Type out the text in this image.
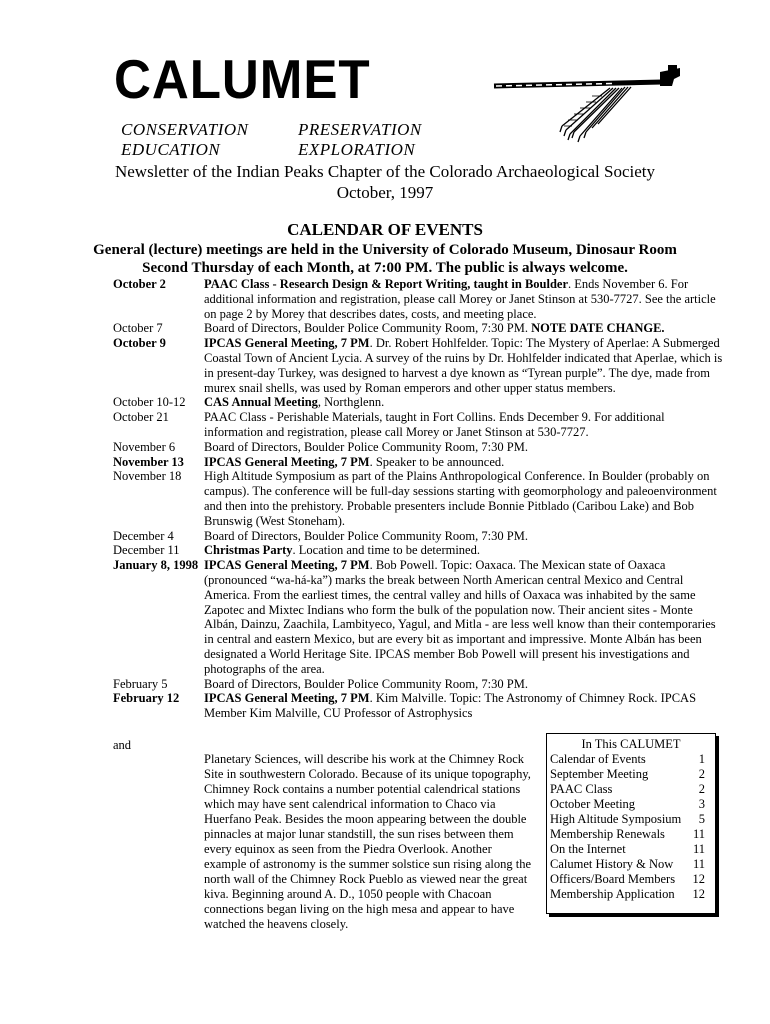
CALUMET
CONSERVATION	PRESERVATION
EDUCATION	EXPLORATION
Newsletter of the Indian Peaks Chapter of the Colorado Archaeological Society
October, 1997
CALENDAR OF EVENTS
General (lecture) meetings are held in the University of Colorado Museum, Dinosaur Room
Second Thursday of each Month, at 7:00 PM. The public is always welcome.
October 2	PAAC Class - Research Design & Report Writing, taught in Boulder. Ends November 6. For additional information and registration, please call Morey or Janet Stinson at 530-7727. See the article on page 2 by Morey that describes dates, costs, and meeting place.
October 7	Board of Directors, Boulder Police Community Room, 7:30 PM. NOTE DATE CHANGE.
October 9	IPCAS General Meeting, 7 PM. Dr. Robert Hohlfelder. Topic: The Mystery of Aperlae: A Submerged Coastal Town of Ancient Lycia. A survey of the ruins by Dr. Hohlfelder indicated that Aperlae, which is in present-day Turkey, was designed to harvest a dye known as “Tyrean purple”. The dye, made from murex snail shells, was used by Roman emperors and other upper status members.
October 10-12	CAS Annual Meeting, Northglenn.
October 21	PAAC Class - Perishable Materials, taught in Fort Collins. Ends December 9. For additional information and registration, please call Morey or Janet Stinson at 530-7727.
November 6	Board of Directors, Boulder Police Community Room, 7:30 PM.
November 13	IPCAS General Meeting, 7 PM. Speaker to be announced.
November 18	High Altitude Symposium as part of the Plains Anthropological Conference. In Boulder (probably on campus). The conference will be full-day sessions starting with geomorphology and paleoenvironment and then into the prehistory. Probable presenters include Bonnie Pitblado (Caribou Lake) and Bob Brunswig (West Stoneham).
December 4	Board of Directors, Boulder Police Community Room, 7:30 PM.
December 11	Christmas Party. Location and time to be determined.
January 8, 1998 IPCAS General Meeting, 7 PM. Bob Powell. Topic: Oaxaca. The Mexican state of Oaxaca (pronounced “wa-há-ka”) marks the break between North American central Mexico and Central America. From the earliest times, the central valley and hills of Oaxaca was inhabited by the same Zapotec and Mixtec Indians who form the bulk of the population now. Their ancient sites - Monte Albán, Dainzu, Zaachila, Lambityeco, Yagul, and Mitla - are less well know than their contemporaries in central and eastern Mexico, but are every bit as important and impressive. Monte Albán has been designated a World Heritage Site. IPCAS member Bob Powell will present his investigations and photographs of the area.
February 5	Board of Directors, Boulder Police Community Room, 7:30 PM.
February 12	IPCAS General Meeting, 7 PM. Kim Malville. Topic: The Astronomy of Chimney Rock. IPCAS Member Kim Malville, CU Professor of Astrophysics
and
Planetary Sciences, will describe his work at the Chimney Rock Site in southwestern Colorado. Because of its unique topography, Chimney Rock contains a number potential calendrical stations which may have sent calendrical information to Chaco via Huerfano Peak. Besides the moon appearing between the double pinnacles at major lunar standstill, the sun rises between them every equinox as seen from the Piedra Overlook. Another example of astronomy is the summer solstice sun rising along the north wall of the Chimney Rock Pueblo as viewed near the great kiva. Beginning around A. D., 1050 people with Chacoan connections began living on the high mesa and appear to have watched the heavens closely.
In This CALUMET
Calendar of Events	1
September Meeting	2
PAAC Class	2
October Meeting	3
High Altitude Symposium 5
Membership Renewals 11
On the Internet	11
Calumet History & Now 11
Officers/Board Members 12
Membership Application 12
